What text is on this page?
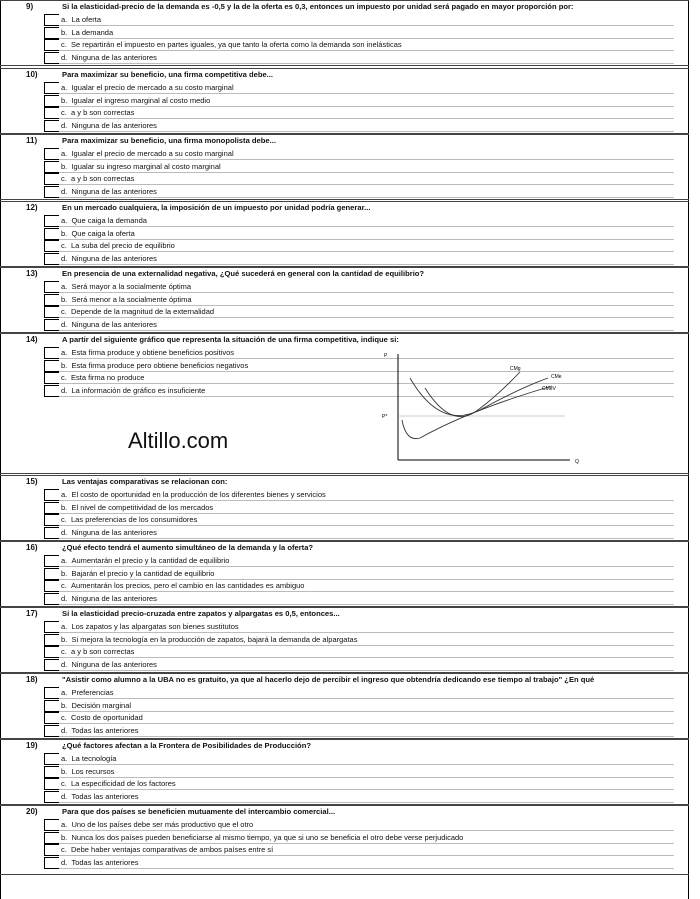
9)	Si la elasticidad-precio de la demanda es -0,5 y la de la oferta es 0,3, entonces un impuesto por unidad será pagado en mayor proporción por:
a. La oferta
b. La demanda
c. Se repartirán el impuesto en partes iguales, ya que tanto la oferta como la demanda son inelásticas
d. Ninguna de las anteriores
10)	Para maximizar su beneficio, una firma competitiva debe...
a. Igualar el precio de mercado a su costo marginal
b. Igualar el ingreso marginal al costo medio
c. a y b son correctas
d. Ninguna de las anteriores
11)	Para maximizar su beneficio, una firma monopolista debe...
a. Igualar el precio de mercado a su costo marginal
b. Igualar su ingreso marginal al costo marginal
c. a y b son correctas
d. Ninguna de las anteriores
12)	En un mercado cualquiera, la imposición de un impuesto por unidad podría generar...
a. Que caiga la demanda
b. Que caiga la oferta
c. La suba del precio de equilibrio
d. Ninguna de las anteriores
13)	En presencia de una externalidad negativa, ¿Qué sucederá en general con la cantidad de equilibrio?
a. Será mayor a la socialmente óptima
b. Será menor a la socialmente óptima
c. Depende de la magnitud de la externalidad
d. Ninguna de las anteriores
14)	A partir del siguiente gráfico que representa la situación de una firma competitiva, indique si:
a. Esta firma produce y obtiene beneficios positivos
b. Esta firma produce pero obtiene beneficios negativos
c. Esta firma no produce
d. La información de gráfico es insuficiente
15)	Las ventajas comparativas se relacionan con:
a. El costo de oportunidad en la producción de los diferentes bienes y servicios
b. El nivel de competitividad de los mercados
c. Las preferencias de los consumidores
d. Ninguna de las anteriores
16)	¿Qué efecto tendrá el aumento simultáneo de la demanda y la oferta?
a. Aumentarán el precio y la cantidad de equilibrio
b. Bajarán el precio y la cantidad de equilibrio
c. Aumentarán los precios, pero el cambio en las cantidades es ambiguo
d. Ninguna de las anteriores
17)	Si la elasticidad precio-cruzada entre zapatos y alpargatas es 0,5, entonces...
a. Los zapatos y las alpargatas son bienes sustitutos
b. Si mejora la tecnología en la producción de zapatos, bajará la demanda de alpargatas
c. a y b son correctas
d. Ninguna de las anteriores
18)	"Asistir como alumno a la UBA no es gratuito, ya que al hacerlo dejo de percibir el ingreso que obtendría dedicando ese tiempo al trabajo" ¿En qué
a. Preferencias
b. Decisión marginal
c. Costo de oportunidad
d. Todas las anteriores
19)	¿Qué factores afectan a la Frontera de Posibilidades de Producción?
a. La tecnología
b. Los recursos
c. La especificidad de los factores
d. Todas las anteriores
20)	Para que dos países se beneficien mutuamente del intercambio comercial...
a. Uno de los países debe ser más productivo que el otro
b. Nunca los dos países pueden beneficiarse al mismo tiempo, ya que si uno se beneficia el otro debe verse perjudicado
c. Debe haber ventajas comparativas de ambos países entre sí
d. Todas las anteriores
Altillo.com
P
Q
P*
CMg
CMe
CMeV
